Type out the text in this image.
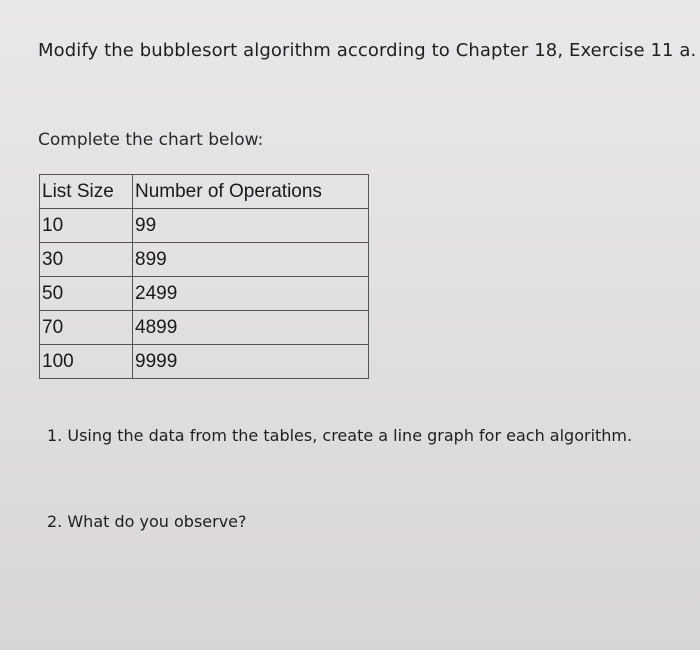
Modify the bubblesort algorithm according to Chapter 18, Exercise 11 a.
Complete the chart below:
List Size	Number of Operations
10	99
30	899
50	2499
70	4899
100	9999
1. Using the data from the tables, create a line graph for each algorithm.
2. What do you observe?
